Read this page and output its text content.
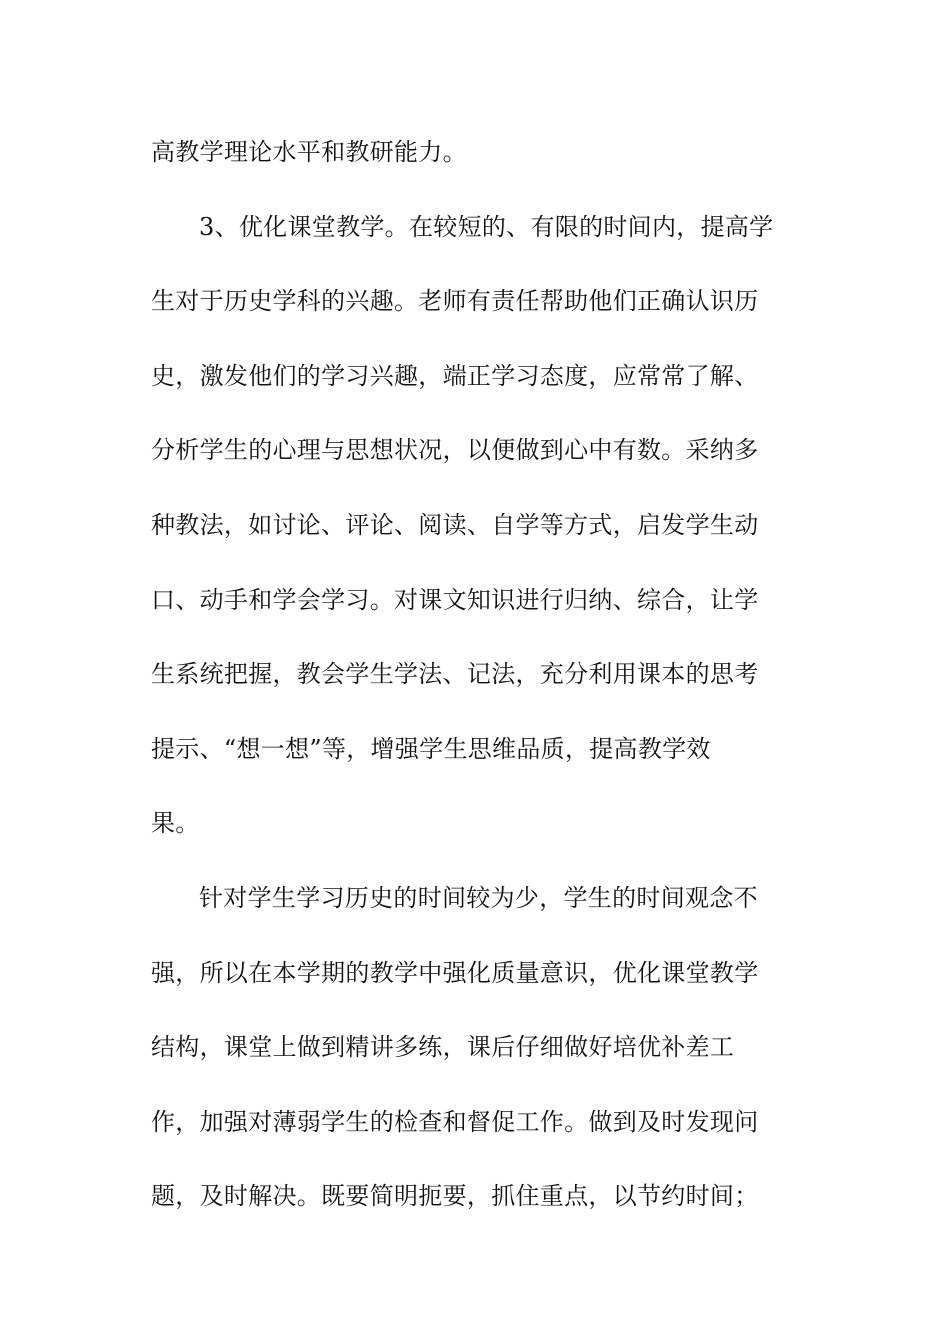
高教学理论水平和教研能力。
3、优化课堂教学。在较短的、有限的时间内，提高学
生对于历史学科的兴趣。老师有责任帮助他们正确认识历
史，激发他们的学习兴趣，端正学习态度，应常常了解、
分析学生的心理与思想状况，以便做到心中有数。采纳多
种教法，如讨论、评论、阅读、自学等方式，启发学生动
口、动手和学会学习。对课文知识进行归纳、综合，让学
生系统把握，教会学生学法、记法，充分利用课本的思考
提示、“想一想”等，增强学生思维品质，提高教学效
果。
针对学生学习历史的时间较为少，学生的时间观念不
强，所以在本学期的教学中强化质量意识，优化课堂教学
结构，课堂上做到精讲多练，课后仔细做好培优补差工
作，加强对薄弱学生的检查和督促工作。做到及时发现问
题，及时解决。既要简明扼要，抓住重点，以节约时间；
